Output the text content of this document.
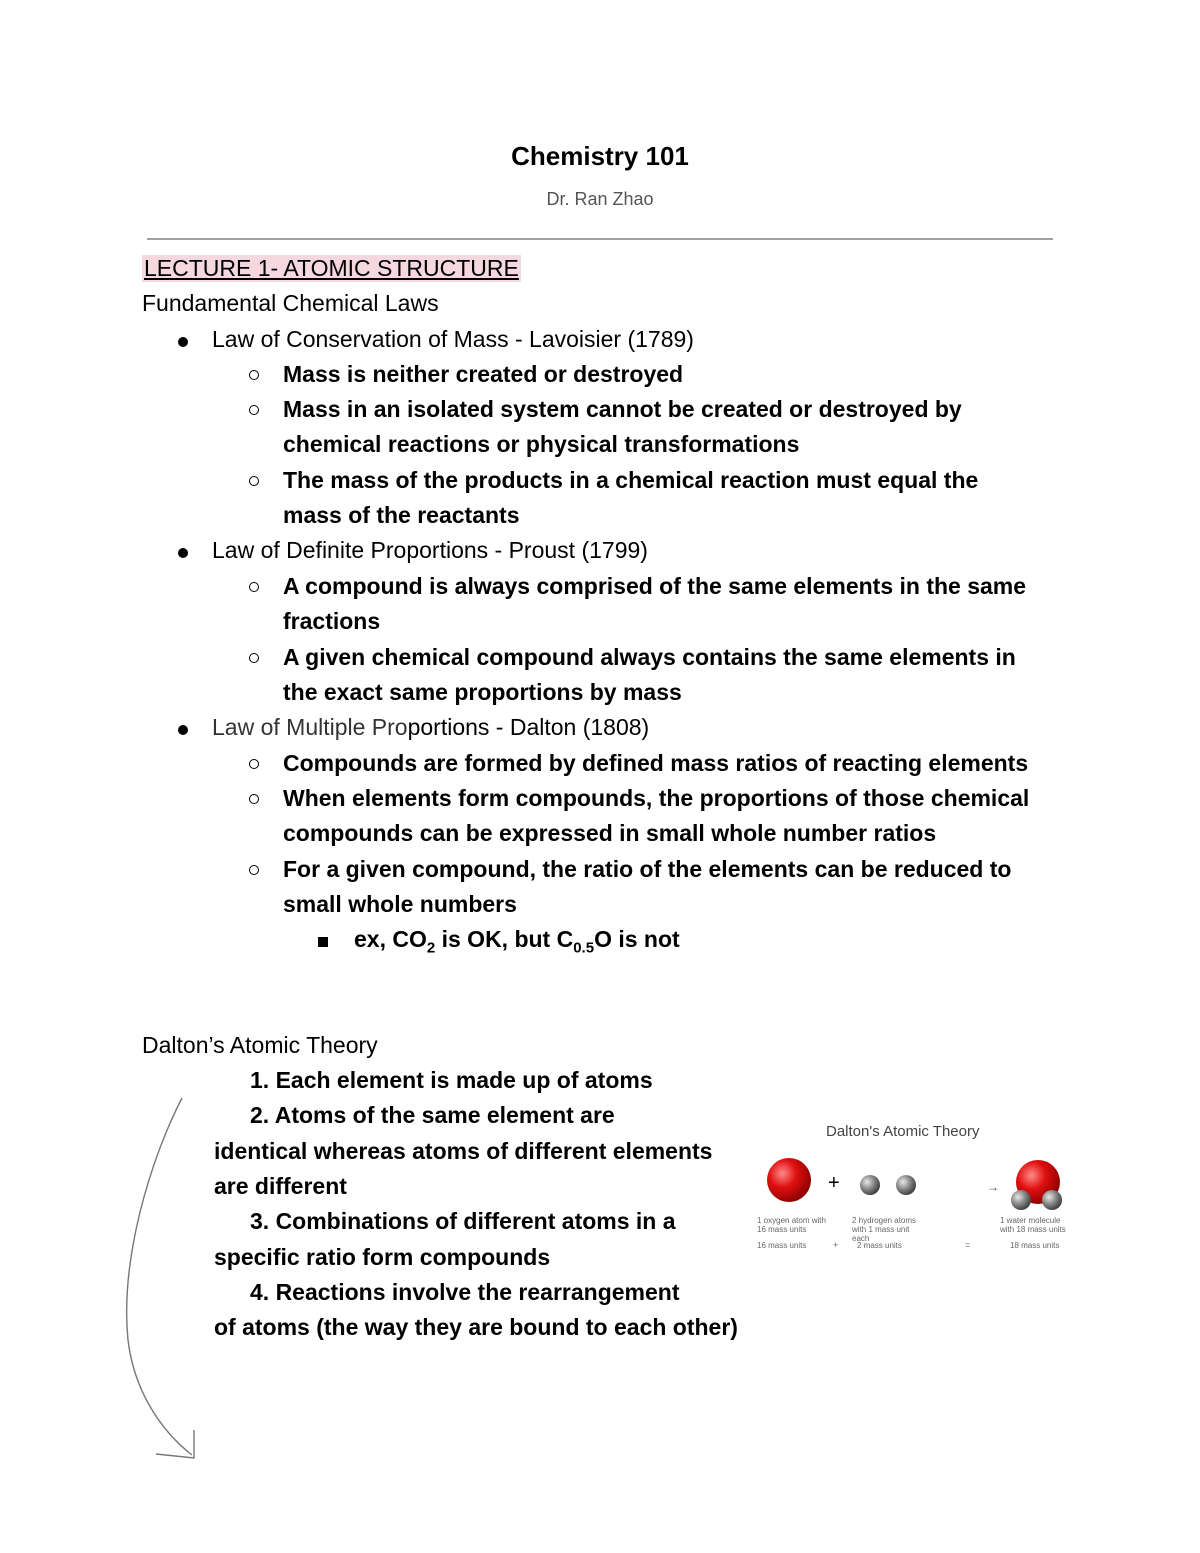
Chemistry 101
Dr. Ran Zhao
LECTURE 1- ATOMIC STRUCTURE
Fundamental Chemical Laws
Law of Conservation of Mass - Lavoisier (1789)
Mass is neither created or destroyed
Mass in an isolated system cannot be created or destroyed by
chemical reactions or physical transformations
The mass of the products in a chemical reaction must equal the
mass of the reactants
Law of Definite Proportions - Proust (1799)
A compound is always comprised of the same elements in the same
fractions
A given chemical compound always contains the same elements in
the exact same proportions by mass
Law of Multiple Proportions - Dalton (1808)
Compounds are formed by defined mass ratios of reacting elements
When elements form compounds, the proportions of those chemical
compounds can be expressed in small whole number ratios
For a given compound, the ratio of the elements can be reduced to
small whole numbers
ex, $CO_2$ is OK, but $C_{0.5}O$ is not
Dalton’s Atomic Theory
1. Each element is made up of atoms
2. Atoms of the same element are
identical whereas atoms of different elements
are different
3. Combinations of different atoms in a
specific ratio form compounds
4. Reactions involve the rearrangement
of atoms (the way they are bound to each other)
Dalton's Atomic Theory
+	→
1 oxygen atom with 16 mass units
2 hydrogen atoms with 1 mass unit each
1 water molecule with 18 mass units
16 mass units	+ 2 mass units	=	18 mass units
